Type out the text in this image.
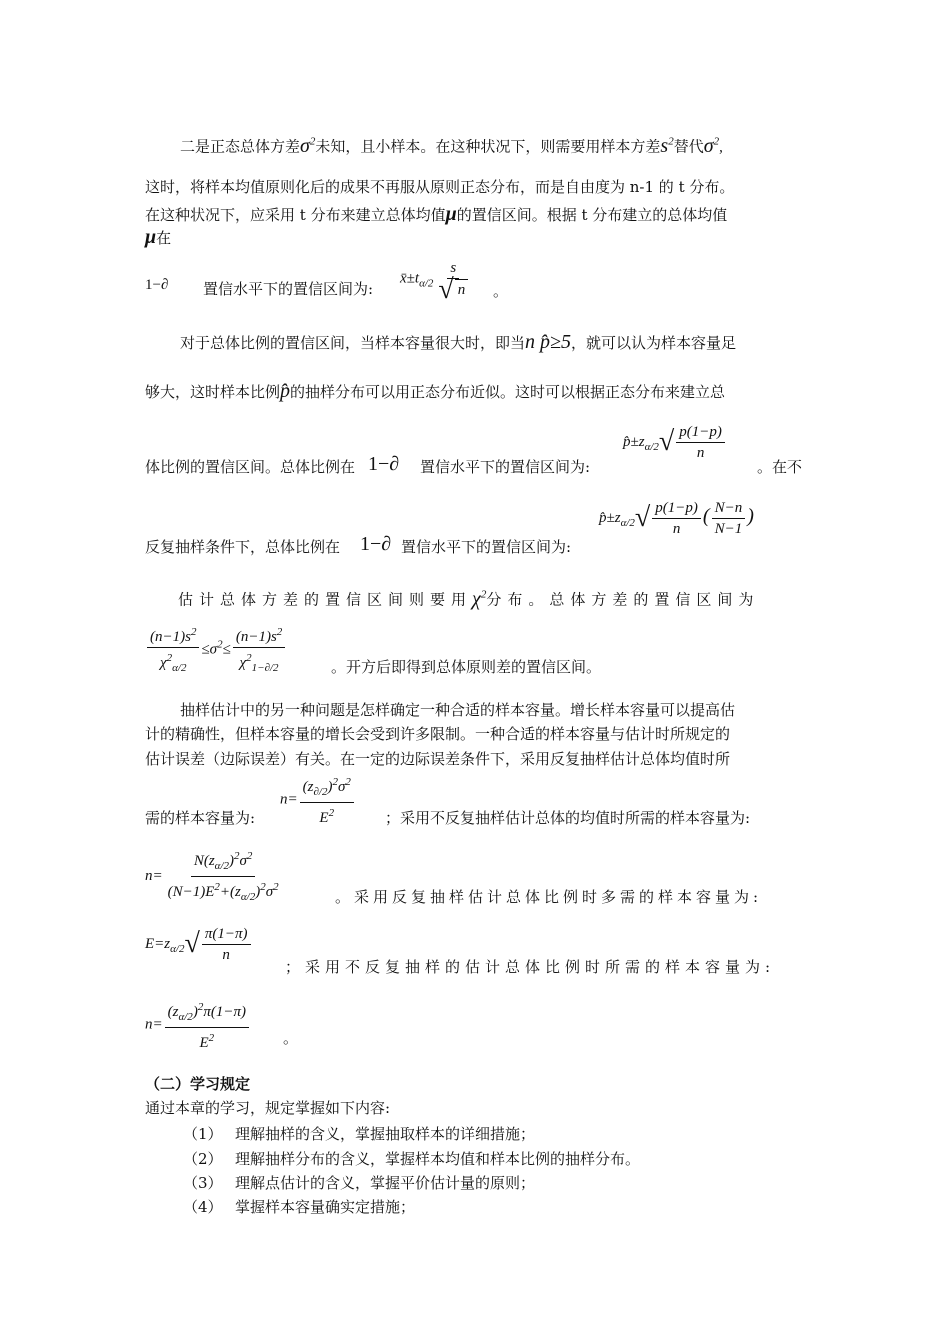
二是正态总体方差$\sigma^2$未知，且小样本。在这种状况下，则需要用样本方差$s^2$替代$\sigma^2$,
这时，将样本均值原则化后的成果不再服从原则正态分布，而是自由度为 n-1 的 t 分布。
在这种状况下，应采用 t 分布来建立总体均值μ的置信区间。根据 t 分布建立的总体均值
μ在
1−∂ 置信水平下的置信区间为:
$x̄\pm t_{\alpha/2} \frac{s}{√ n}$ 。
对于总体比例的置信区间，当样本容量很大时，即当n p̂≥5，就可以认为样本容量足
够大，这时样本比例p̂的抽样分布可以用正态分布近似。这时可以根据正态分布来建立总
体比例的置信区间。总体比例在 1−∂ 置信水平下的置信区间为:
$p̂\pm z_{\alpha/2}√ \frac{p(1-p)}{n}$
。在不
反复抽样条件下，总体比例在 1−∂ 置信水平下的置信区间为:
$p̂\pm z_{\alpha/2}√ \frac{p(1-p)}{n}$ ( $\frac{N-n}{N-1}$ )
估计总体方差的置信区间则要用$\chi^2$分布。总体方差的置信区间为
$\frac{(n-1)s^2}{\chi^2_{\alpha/2}} \le\sigma^2\le \frac{(n-1)s^2}{\chi^2_{1-\partial/2}}$	。开方后即得到总体原则差的置信区间。
抽样估计中的另一种问题是怎样确定一种合适的样本容量。增长样本容量可以提高估
计的精确性，但样本容量的增长会受到许多限制。一种合适的样本容量与估计时所规定的
估计误差（边际误差）有关。在一定的边际误差条件下，采用反复抽样估计总体均值时所
需的样本容量为:
$n= \frac{(z_{\partial/2})^2\sigma^2}{E^2}$ ；采用不反复抽样估计总体的均值时所需的样本容量为:
$n= \frac{N(z_{\alpha/2})^2\sigma^2}{(N-1)E^2+(z_{\alpha/2})^2\sigma^2}$	。采用反复抽样估计总体比例时多需的样本容量为:
$E=z_{\alpha/2}√ \frac{\pi(1-\pi)}{n}$
；采用不反复抽样的估计总体比例时所需的样本容量为:
$n= \frac{(z_{\alpha/2})^2\pi(1-\pi)}{E^2}$ 。
（二）学习规定
通过本章的学习，规定掌握如下内容:
（1） 理解抽样的含义，掌握抽取样本的详细措施；
（2） 理解抽样分布的含义，掌握样本均值和样本比例的抽样分布。
（3） 理解点估计的含义，掌握平价估计量的原则；
（4） 掌握样本容量确实定措施；
